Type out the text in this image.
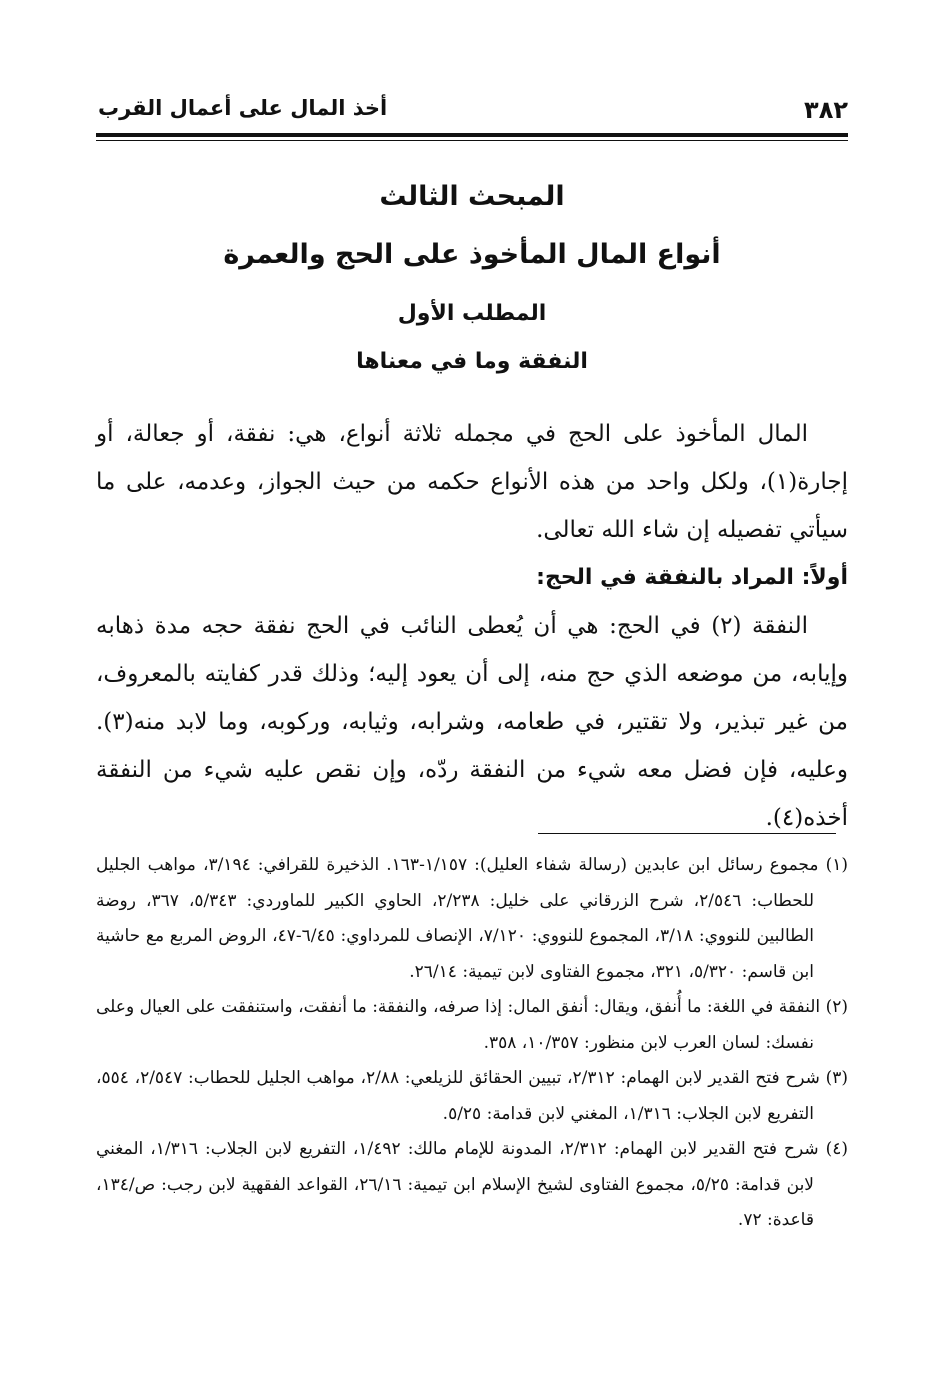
٣٨٢
أخذ المال على أعمال القرب
المبحث الثالث
أنواع المال المأخوذ على الحج والعمرة
المطلب الأول
النفقة وما في معناها

المال المأخوذ على الحج في مجمله ثلاثة أنواع، هي: نفقة، أو جعالة، أو إجارة(١)، ولكل واحد من هذه الأنواع حكمه من حيث الجواز، وعدمه، على ما سيأتي تفصيله إن شاء الله تعالى.

أولاً: المراد بالنفقة في الحج:

النفقة (٢) في الحج: هي أن يُعطى النائب في الحج نفقة حجه مدة ذهابه وإيابه، من موضعه الذي حج منه، إلى أن يعود إليه؛ وذلك قدر كفايته بالمعروف، من غير تبذير، ولا تقتير، في طعامه، وشرابه، وثيابه، وركوبه، وما لابد منه(٣). وعليه، فإن فضل معه شيء من النفقة ردّه، وإن نقص عليه شيء من النفقة أخذه(٤).

(١) مجموع رسائل ابن عابدين (رسالة شفاء العليل): ١/١٥٧-١٦٣. الذخيرة للقرافي: ٣/١٩٤، مواهب الجليل للحطاب: ٢/٥٤٦، شرح الزرقاني على خليل: ٢/٢٣٨، الحاوي الكبير للماوردي: ٥/٣٤٣، ٣٦٧، روضة الطالبين للنووي: ٣/١٨، المجموع للنووي: ٧/١٢٠، الإنصاف للمرداوي: ٦/٤٥-٤٧، الروض المربع مع حاشية ابن قاسم: ٥/٣٢٠، ٣٢١، مجموع الفتاوى لابن تيمية: ٢٦/١٤.

(٢) النفقة في اللغة: ما أُنفق، ويقال: أنفق المال: إذا صرفه، والنفقة: ما أنفقت، واستنفقت على العيال وعلى نفسك: لسان العرب لابن منظور: ١٠/٣٥٧، ٣٥٨.

(٣) شرح فتح القدير لابن الهمام: ٢/٣١٢، تبيين الحقائق للزيلعي: ٢/٨٨، مواهب الجليل للحطاب: ٢/٥٤٧، ٥٥٤، التفريع لابن الجلاب: ١/٣١٦، المغني لابن قدامة: ٥/٢٥.

(٤) شرح فتح القدير لابن الهمام: ٢/٣١٢، المدونة للإمام مالك: ١/٤٩٢، التفريع لابن الجلاب: ١/٣١٦، المغني لابن قدامة: ٥/٢٥، مجموع الفتاوى لشيخ الإسلام ابن تيمية: ٢٦/١٦، القواعد الفقهية لابن رجب: ص/١٣٤، قاعدة: ٧٢.
